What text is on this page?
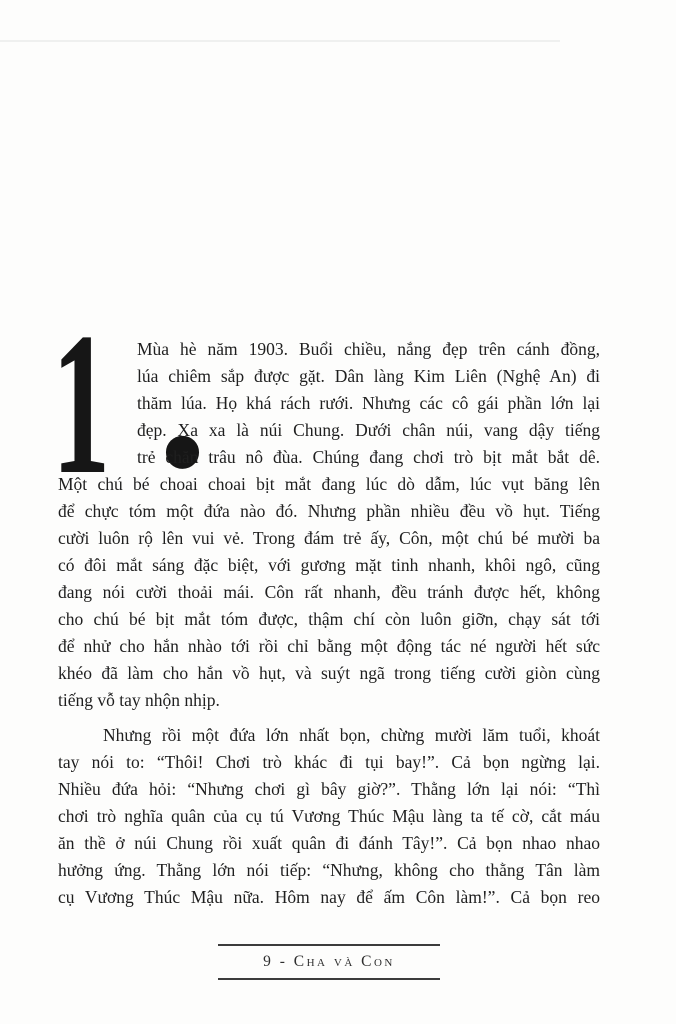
1 .
Mùa hè năm 1903. Buổi chiều, nắng đẹp trên cánh đồng,
lúa chiêm sắp được gặt. Dân làng Kim Liên (Nghệ An) đi
thăm lúa. Họ khá rách rưới. Nhưng các cô gái phần lớn lại
đẹp. Xa xa là núi Chung. Dưới chân núi, vang dậy tiếng
trẻ chăn trâu nô đùa. Chúng đang chơi trò bịt mắt bắt dê.
Một chú bé choai choai bịt mắt đang lúc dò dẫm, lúc vụt băng lên
để chực tóm một đứa nào đó. Nhưng phần nhiều đều vồ hụt. Tiếng
cười luôn rộ lên vui vẻ. Trong đám trẻ ấy, Côn, một chú bé mười ba
có đôi mắt sáng đặc biệt, với gương mặt tinh nhanh, khôi ngô, cũng
đang nói cười thoải mái. Côn rất nhanh, đều tránh được hết, không
cho chú bé bịt mắt tóm được, thậm chí còn luôn giỡn, chạy sát tới
để nhử cho hắn nhào tới rồi chỉ bằng một động tác né người hết sức
khéo đã làm cho hắn vồ hụt, và suýt ngã trong tiếng cười giòn cùng
tiếng vỗ tay nhộn nhịp.
Nhưng rồi một đứa lớn nhất bọn, chừng mười lăm tuổi, khoát
tay nói to: “Thôi! Chơi trò khác đi tụi bay!”. Cả bọn ngừng lại.
Nhiều đứa hỏi: “Nhưng chơi gì bây giờ?”. Thằng lớn lại nói: “Thì
chơi trò nghĩa quân của cụ tú Vương Thúc Mậu làng ta tế cờ, cắt máu
ăn thề ở núi Chung rồi xuất quân đi đánh Tây!”. Cả bọn nhao nhao
hưởng ứng. Thằng lớn nói tiếp: “Nhưng, không cho thằng Tân làm
cụ Vương Thúc Mậu nữa. Hôm nay để ấm Côn làm!”. Cả bọn reo
9 - Cha và Con
